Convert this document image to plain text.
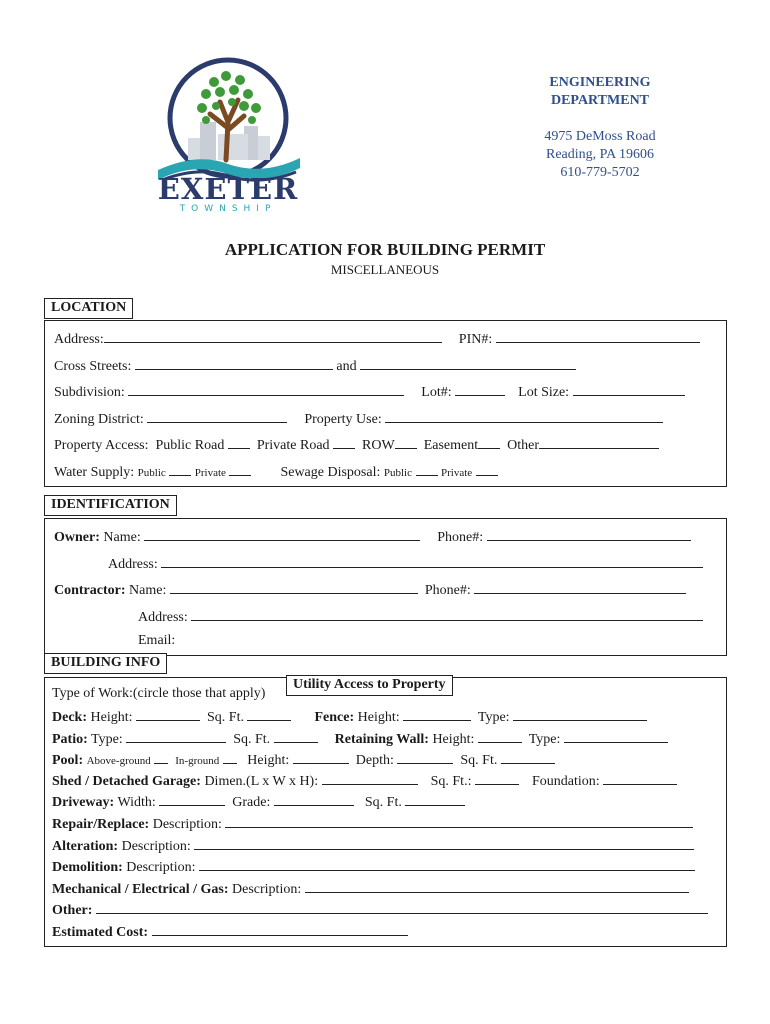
EXETER
TOWNSHIP
ENGINEERING
DEPARTMENT
4975 DeMoss Road
Reading, PA 19606
610-779-5702
APPLICATION FOR BUILDING PERMIT
MISCELLANEOUS
LOCATION
Address:	PIN#:
Cross Streets:	and
Subdivision:	Lot#:	Lot Size:
Zoning District:	Property Use:
Property Access: Public Road Private Road ROW Easement Other
Water Supply: Public	Private	Sewage Disposal: Public	Private
IDENTIFICATION
Owner: Name:	Phone#:
Address:
Contractor: Name:	Phone#:
Address:
Email:
BUILDING INFO
Utility Access to Property
Type of Work:(circle those that apply)
Deck: Height:	Sq. Ft.	Fence: Height:	Type:
Patio: Type:	Sq. Ft.	Retaining Wall: Height:	Type:
Pool: Above-ground In-ground Height:	Depth:	Sq. Ft.
Shed / Detached Garage: Dimen.(L x W x H):	Sq. Ft.:	Foundation:
Driveway: Width:	Grade:	Sq. Ft.
Repair/Replace: Description:
Alteration: Description:
Demolition: Description:
Mechanical / Electrical / Gas: Description:
Other:
Estimated Cost:
